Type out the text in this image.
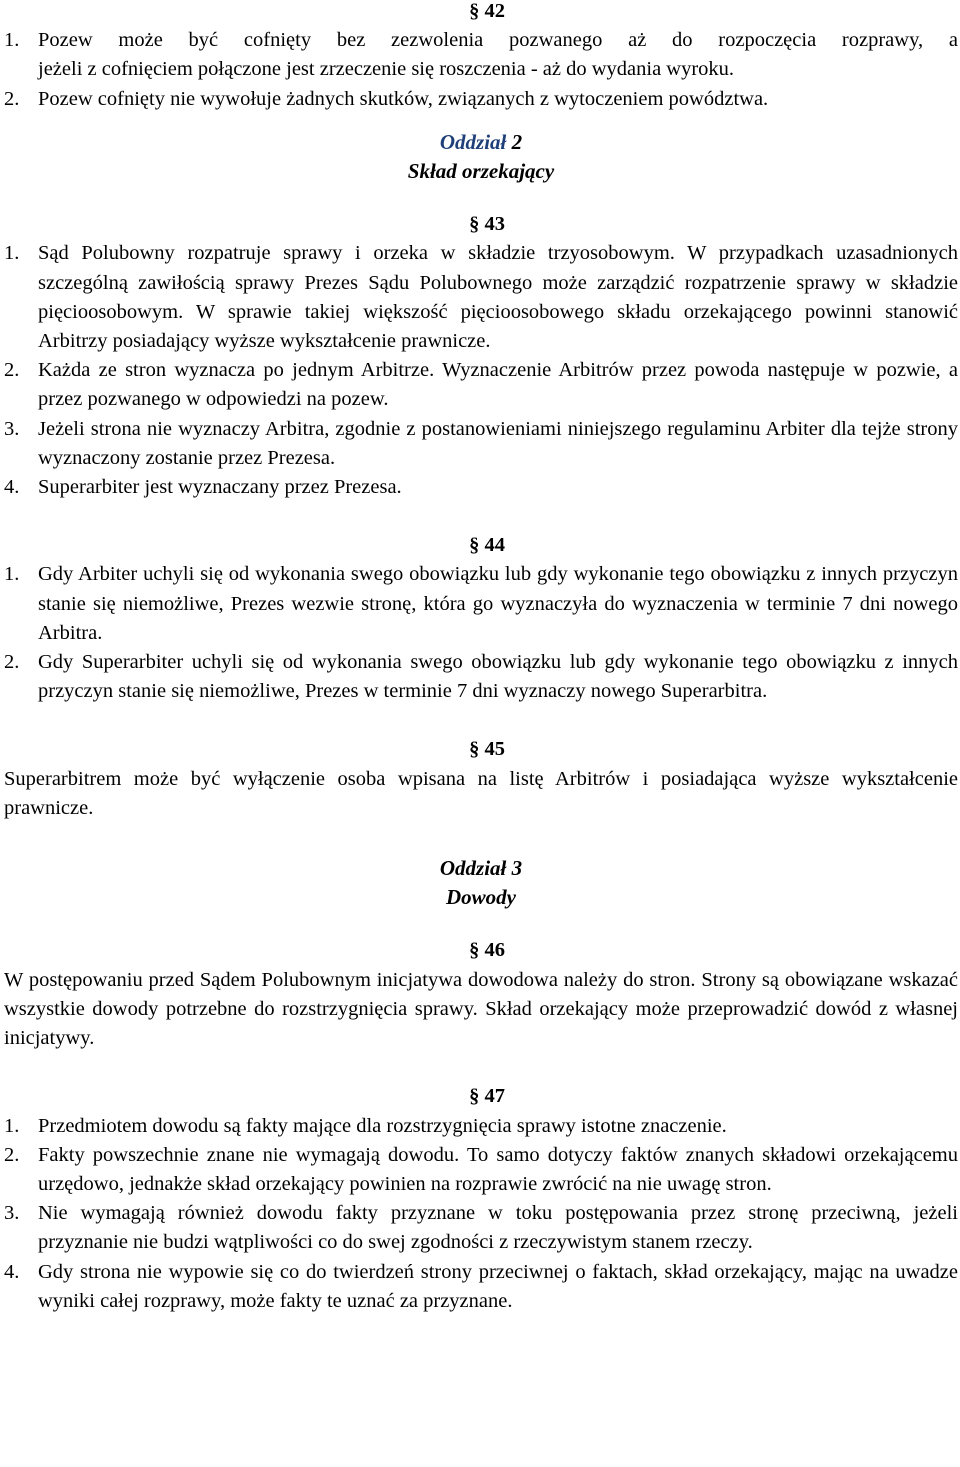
§ 42

1. Pozew może być cofnięty bez zezwolenia pozwanego aż do rozpoczęcia rozprawy, a
jeżeli z cofnięciem połączone jest zrzeczenie się roszczenia - aż do wydania wyroku.
2. Pozew cofnięty nie wywołuje żadnych skutków, związanych z wytoczeniem powództwa.

Oddział 2

Skład orzekający

§ 43

1. Sąd Polubowny rozpatruje sprawy i orzeka w składzie trzyosobowym. W przypadkach uzasadnionych szczególną zawiłością sprawy Prezes Sądu Polubownego może zarządzić rozpatrzenie sprawy w składzie pięcioosobowym. W sprawie takiej większość pięcioosobowego składu orzekającego powinni stanowić Arbitrzy posiadający wyższe wykształcenie prawnicze.
2. Każda ze stron wyznacza po jednym Arbitrze. Wyznaczenie Arbitrów przez powoda następuje w pozwie, a przez pozwanego w odpowiedzi na pozew.
3. Jeżeli strona nie wyznaczy Arbitra, zgodnie z postanowieniami niniejszego regulaminu Arbiter dla tejże strony wyznaczony zostanie przez Prezesa.
4. Superarbiter jest wyznaczany przez Prezesa.

§ 44

1. Gdy Arbiter uchyli się od wykonania swego obowiązku lub gdy wykonanie tego obowiązku z innych przyczyn stanie się niemożliwe, Prezes wezwie stronę, która go wyznaczyła do wyznaczenia w terminie 7 dni nowego Arbitra.
2. Gdy Superarbiter uchyli się od wykonania swego obowiązku lub gdy wykonanie tego obowiązku z innych przyczyn stanie się niemożliwe, Prezes w terminie 7 dni wyznaczy nowego Superarbitra.

§ 45

Superarbitrem może być wyłączenie osoba wpisana na listę Arbitrów i posiadająca wyższe wykształcenie prawnicze.

Oddział 3

Dowody

§ 46

W postępowaniu przed Sądem Polubownym inicjatywa dowodowa należy do stron. Strony są obowiązane wskazać wszystkie dowody potrzebne do rozstrzygnięcia sprawy. Skład orzekający może przeprowadzić dowód z własnej inicjatywy.

§ 47

1. Przedmiotem dowodu są fakty mające dla rozstrzygnięcia sprawy istotne znaczenie.
2. Fakty powszechnie znane nie wymagają dowodu. To samo dotyczy faktów znanych składowi orzekającemu urzędowo, jednakże skład orzekający powinien na rozprawie zwrócić na nie uwagę stron.
3. Nie wymagają również dowodu fakty przyznane w toku postępowania przez stronę przeciwną, jeżeli przyznanie nie budzi wątpliwości co do swej zgodności z rzeczywistym stanem rzeczy.
4. Gdy strona nie wypowie się co do twierdzeń strony przeciwnej o faktach, skład orzekający, mając na uwadze wyniki całej rozprawy, może fakty te uznać za przyznane.
